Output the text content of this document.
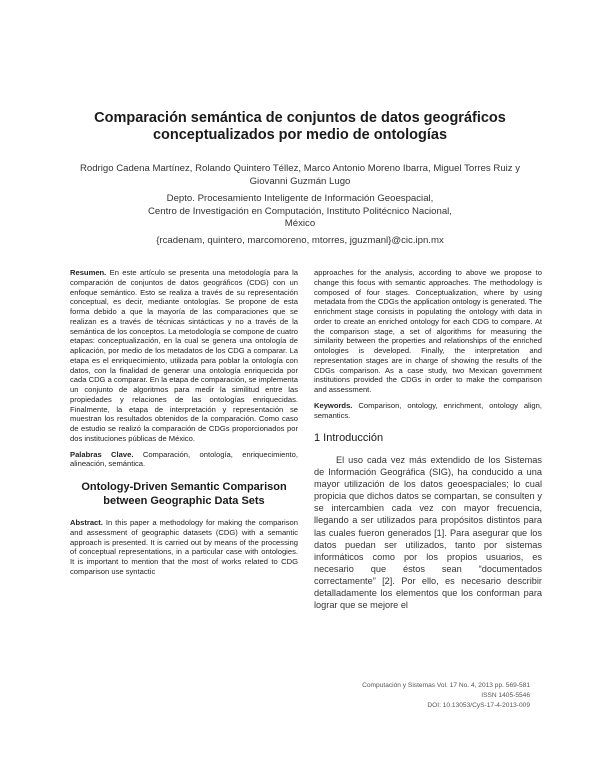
Comparación semántica de conjuntos de datos geográficos conceptualizados por medio de ontologías
Rodrigo Cadena Martínez, Rolando Quintero Téllez, Marco Antonio Moreno Ibarra, Miguel Torres Ruiz y Giovanni Guzmán Lugo
Depto. Procesamiento Inteligente de Información Geoespacial,
Centro de Investigación en Computación, Instituto Politécnico Nacional,
México
{rcadenam, quintero, marcomoreno, mtorres, jguzmanl}@cic.ipn.mx

Resumen. En este artículo se presenta una metodología para la comparación de conjuntos de datos geográficos (CDG) con un enfoque semántico. Esto se realiza a través de su representación conceptual, es decir, mediante ontologías. Se propone de esta forma debido a que la mayoría de las comparaciones que se realizan es a través de técnicas sintácticas y no a través de la semántica de los conceptos. La metodología se compone de cuatro etapas: conceptualización, en la cual se genera una ontología de aplicación, por medio de los metadatos de los CDG a comparar. La etapa es el enriquecimiento, utilizada para poblar la ontología con datos, con la finalidad de generar una ontología enriquecida por cada CDG a comparar. En la etapa de comparación, se implementa un conjunto de algoritmos para medir la similitud entre las propiedades y relaciones de las ontologías enriquecidas. Finalmente, la etapa de interpretación y representación se muestran los resultados obtenidos de la comparación. Como caso de estudio se realizó la comparación de CDGs proporcionados por dos instituciones públicas de México.

Palabras Clave. Comparación, ontología, enriquecimiento, alineación, semántica.

Ontology-Driven Semantic Comparison between Geographic Data Sets

Abstract. In this paper a methodology for making the comparison and assessment of geographic datasets (CDG) with a semantic approach is presented. It is carried out by means of the processing of conceptual representations, in a particular case with ontologies. It is important to mention that the most of works related to CDG comparison use syntactic

approaches for the analysis, according to above we propose to change this focus with semantic approaches. The methodology is composed of four stages. Conceptualization, where by using metadata from the CDGs the application ontology is generated. The enrichment stage consists in populating the ontology with data in order to create an enriched ontology for each CDG to compare. At the comparison stage, a set of algorithms for measuring the similarity between the properties and relationships of the enriched ontologies is developed. Finally, the interpretation and representation stages are in charge of showing the results of the CDGs comparison. As a case study, two Mexican government institutions provided the CDGs in order to make the comparison and assessment.

Keywords. Comparison, ontology, enrichment, ontology align, semantics.

1 Introducción

El uso cada vez más extendido de los Sistemas de Información Geográfica (SIG), ha conducido a una mayor utilización de los datos geoespaciales; lo cual propicia que dichos datos se compartan, se consulten y se intercambien cada vez con mayor frecuencia, llegando a ser utilizados para propósitos distintos para las cuales fueron generados [1]. Para asegurar que los datos puedan ser utilizados, tanto por sistemas informáticos como por los propios usuarios, es necesario que éstos sean “documentados correctamente” [2]. Por ello, es necesario describir detalladamente los elementos que los conforman para lograr que se mejore el

Computación y Sistemas Vol. 17 No. 4, 2013 pp. 569-581
ISSN 1405-5546
DOI: 10.13053/CyS-17-4-2013-009
